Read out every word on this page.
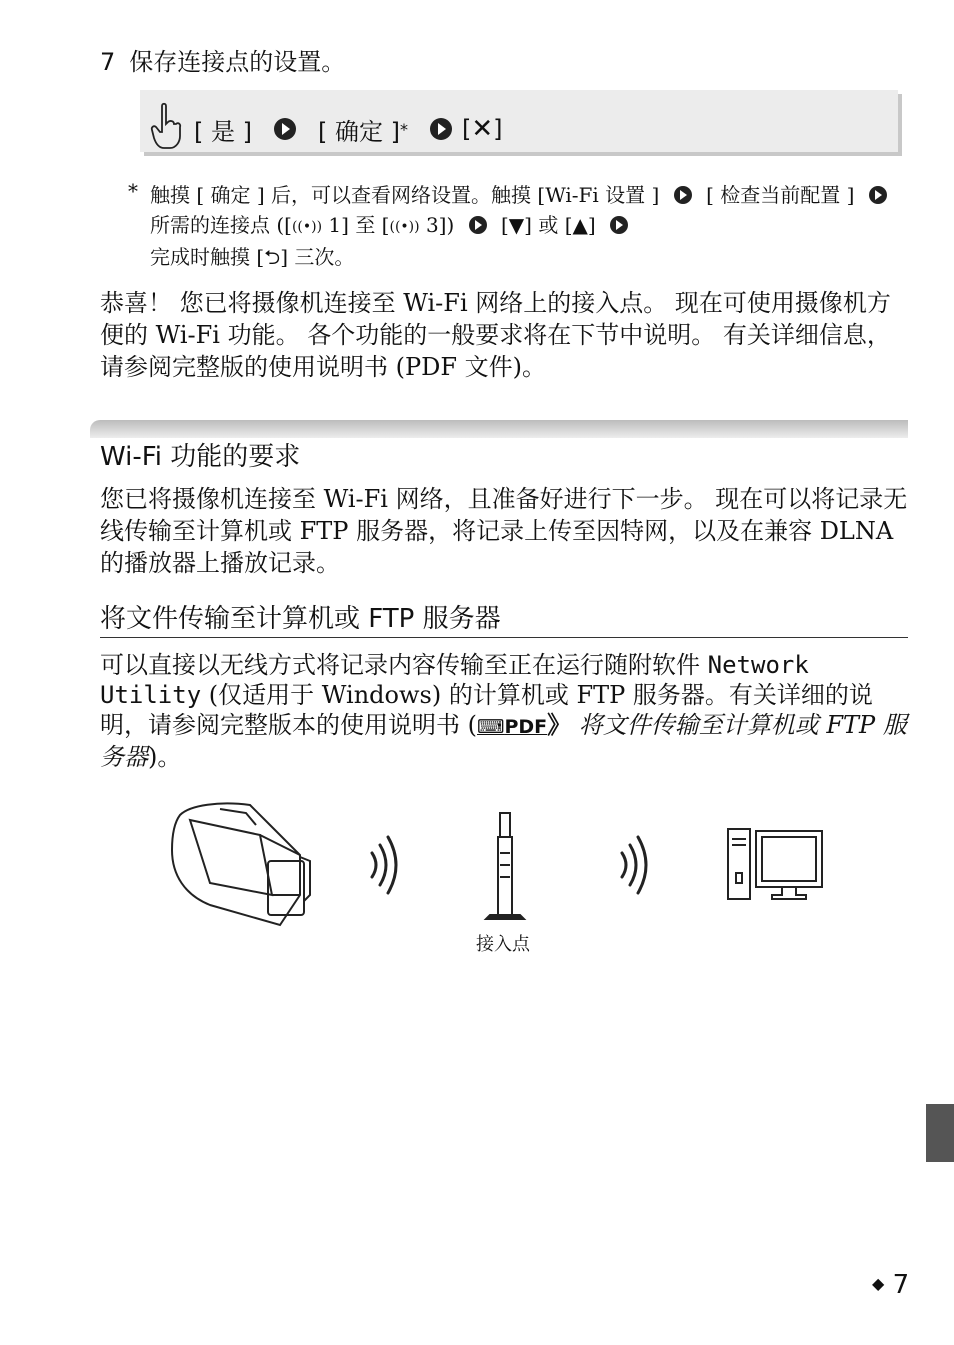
7 保存连接点的设置。
[ 是 ]	[ 确定 ] * [✕]
* 触摸 [ 确定 ] 后，可以查看网络设置。触摸 [Wi-Fi 设置 ] [ 检查当前配置 ]  所需的连接点 ([((•)) 1] 至 [((•)) 3]) [▼] 或 [▲]
完成时触摸 [⮌] 三次。
恭喜！ 您已将摄像机连接至 Wi-Fi 网络上的接入点。 现在可使用摄像机方便的 Wi-Fi 功能。 各个功能的一般要求将在下节中说明。 有关详细信息，请参阅完整版的使用说明书 (PDF 文件)。
Wi-Fi 功能的要求
您已将摄像机连接至 Wi-Fi 网络，且准备好进行下一步。 现在可以将记录无线传输至计算机或 FTP 服务器，将记录上传至因特网，以及在兼容 DLNA 的播放器上播放记录。
将文件传输至计算机或 FTP 服务器
可以直接以无线方式将记录内容传输至正在运行随附软件 Network Utility (仅适用于 Windows) 的计算机或 FTP 服务器。有关详细的说明，请参阅完整版本的使用说明书 (⌨PDF》 将文件传输至计算机或 FTP 服务器)。
接入点
◆ 7
